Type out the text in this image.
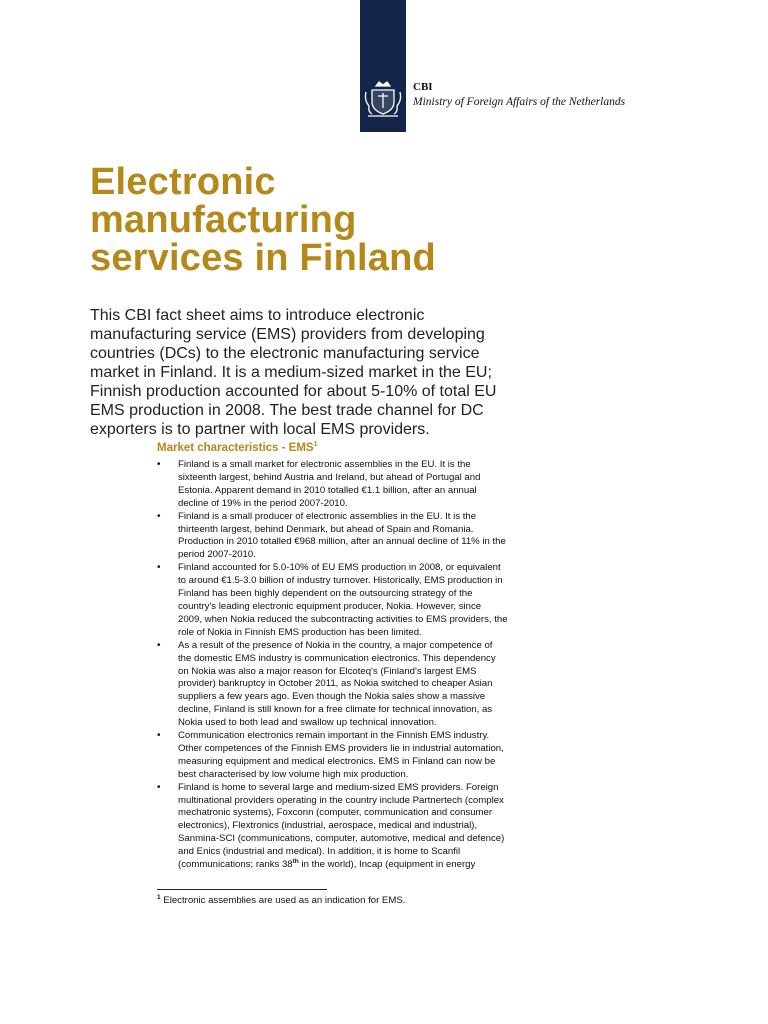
CBI
Ministry of Foreign Affairs of the Netherlands
Electronic
manufacturing
services in Finland
This CBI fact sheet aims to introduce electronic
manufacturing service (EMS) providers from developing
countries (DCs) to the electronic manufacturing service
market in Finland. It is a medium-sized market in the EU;
Finnish production accounted for about 5-10% of total EU
EMS production in 2008. The best trade channel for DC
exporters is to partner with local EMS providers.
Market characteristics - EMS$^1$
• Finland is a small market for electronic assemblies in the EU. It is the
sixteenth largest, behind Austria and Ireland, but ahead of Portugal and
Estonia. Apparent demand in 2010 totalled €1.1 billion, after an annual
decline of 19% in the period 2007-2010.
• Finland is a small producer of electronic assemblies in the EU. It is the
thirteenth largest, behind Denmark, but ahead of Spain and Romania.
Production in 2010 totalled €968 million, after an annual decline of 11% in the
period 2007-2010.
• Finland accounted for 5.0-10% of EU EMS production in 2008, or equivalent
to around €1.5-3.0 billion of industry turnover. Historically, EMS production in
Finland has been highly dependent on the outsourcing strategy of the
country's leading electronic equipment producer, Nokia. However, since
2009, when Nokia reduced the subcontracting activities to EMS providers, the
role of Nokia in Finnish EMS production has been limited.
• As a result of the presence of Nokia in the country, a major competence of
the domestic EMS industry is communication electronics. This dependency
on Nokia was also a major reason for Elcoteq's (Finland's largest EMS
provider) bankruptcy in October 2011, as Nokia switched to cheaper Asian
suppliers a few years ago. Even though the Nokia sales show a massive
decline, Finland is still known for a free climate for technical innovation, as
Nokia used to both lead and swallow up technical innovation.
• Communication electronics remain important in the Finnish EMS industry.
Other competences of the Finnish EMS providers lie in industrial automation,
measuring equipment and medical electronics. EMS in Finland can now be
best characterised by low volume high mix production.
• Finland is home to several large and medium-sized EMS providers. Foreign
multinational providers operating in the country include Partnertech (complex
mechatronic systems), Foxconn (computer, communication and consumer
electronics), Flextronics (industrial, aerospace, medical and industrial),
Sanmina-SCI (communications, computer, automotive, medical and defence)
and Enics (industrial and medical). In addition, it is home to Scanfil
(communications; ranks 38th in the world), Incap (equipment in energy
$^1$ Electronic assemblies are used as an indication for EMS.
